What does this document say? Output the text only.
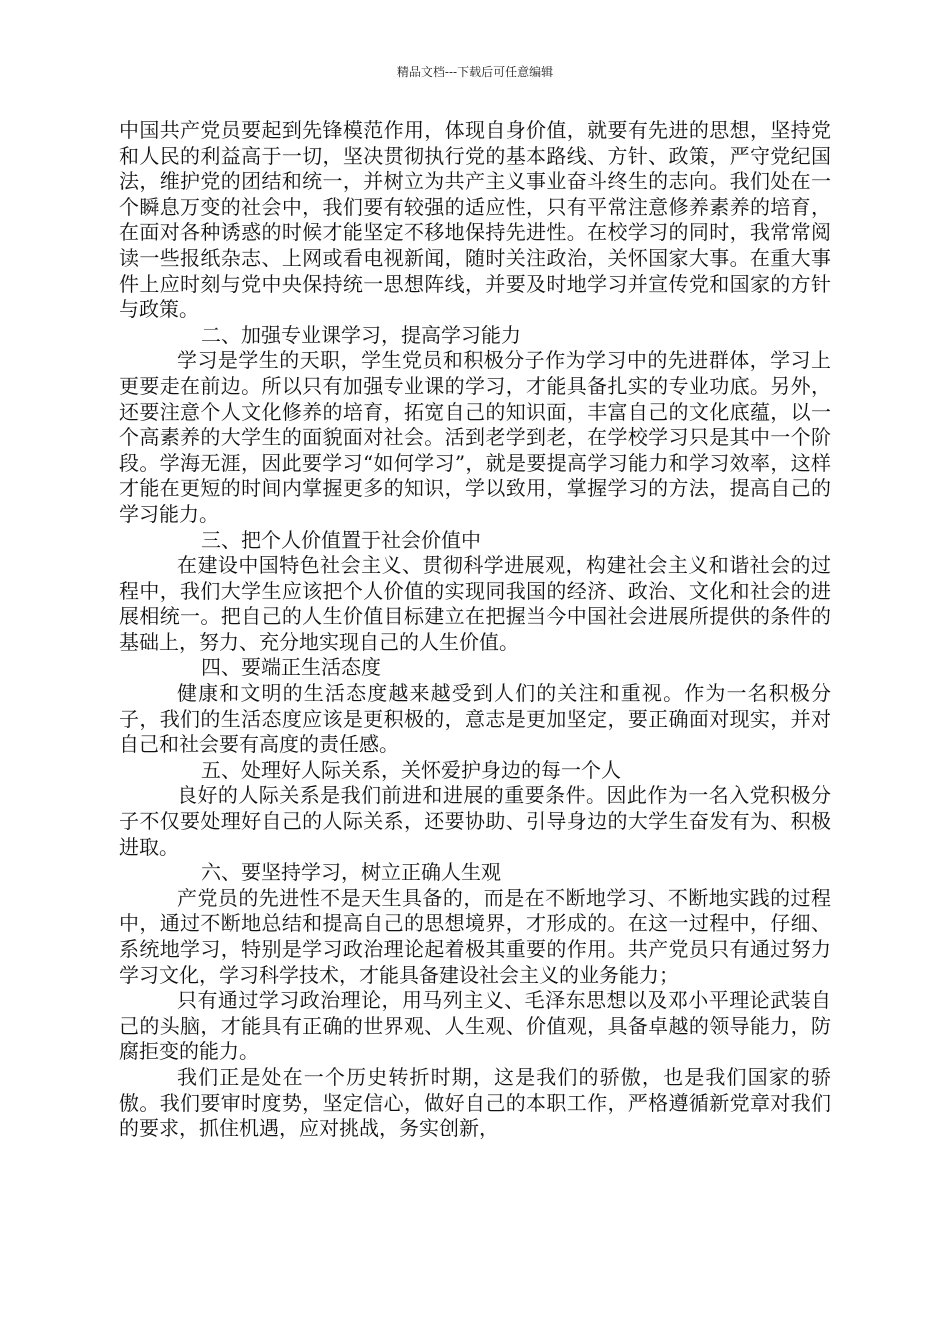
精品文档---下载后可任意编辑

中国共产党员要起到先锋模范作用，体现自身价值，就要有先进的思想，坚持党和人民的利益高于一切，坚决贯彻执行党的基本路线、方针、政策，严守党纪国法，维护党的团结和统一，并树立为共产主义事业奋斗终生的志向。我们处在一个瞬息万变的社会中，我们要有较强的适应性，只有平常注意修养素养的培育，在面对各种诱惑的时候才能坚定不移地保持先进性。在校学习的同时，我常常阅读一些报纸杂志、上网或看电视新闻，随时关注政治，关怀国家大事。在重大事件上应时刻与党中央保持统一思想阵线，并要及时地学习并宣传党和国家的方针与政策。

二、加强专业课学习，提高学习能力

学习是学生的天职，学生党员和积极分子作为学习中的先进群体，学习上更要走在前边。所以只有加强专业课的学习，才能具备扎实的专业功底。另外，还要注意个人文化修养的培育，拓宽自己的知识面，丰富自己的文化底蕴，以一个高素养的大学生的面貌面对社会。活到老学到老，在学校学习只是其中一个阶段。学海无涯，因此要学习“如何学习”，就是要提高学习能力和学习效率，这样才能在更短的时间内掌握更多的知识，学以致用，掌握学习的方法，提高自己的学习能力。

三、把个人价值置于社会价值中

在建设中国特色社会主义、贯彻科学进展观，构建社会主义和谐社会的过程中，我们大学生应该把个人价值的实现同我国的经济、政治、文化和社会的进展相统一。把自己的人生价值目标建立在把握当今中国社会进展所提供的条件的基础上，努力、充分地实现自己的人生价值。

四、要端正生活态度

健康和文明的生活态度越来越受到人们的关注和重视。作为一名积极分子，我们的生活态度应该是更积极的，意志是更加坚定，要正确面对现实，并对自己和社会要有高度的责任感。

五、处理好人际关系，关怀爱护身边的每一个人

良好的人际关系是我们前进和进展的重要条件。因此作为一名入党积极分子不仅要处理好自己的人际关系，还要协助、引导身边的大学生奋发有为、积极进取。

六、要坚持学习，树立正确人生观

产党员的先进性不是天生具备的，而是在不断地学习、不断地实践的过程中，通过不断地总结和提高自己的思想境界，才形成的。在这一过程中，仔细、系统地学习，特别是学习政治理论起着极其重要的作用。共产党员只有通过努力学习文化，学习科学技术，才能具备建设社会主义的业务能力；

只有通过学习政治理论，用马列主义、毛泽东思想以及邓小平理论武装自己的头脑，才能具有正确的世界观、人生观、价值观，具备卓越的领导能力，防腐拒变的能力。

我们正是处在一个历史转折时期，这是我们的骄傲，也是我们国家的骄傲。我们要审时度势，坚定信心，做好自己的本职工作，严格遵循新党章对我们的要求，抓住机遇，应对挑战，务实创新，
